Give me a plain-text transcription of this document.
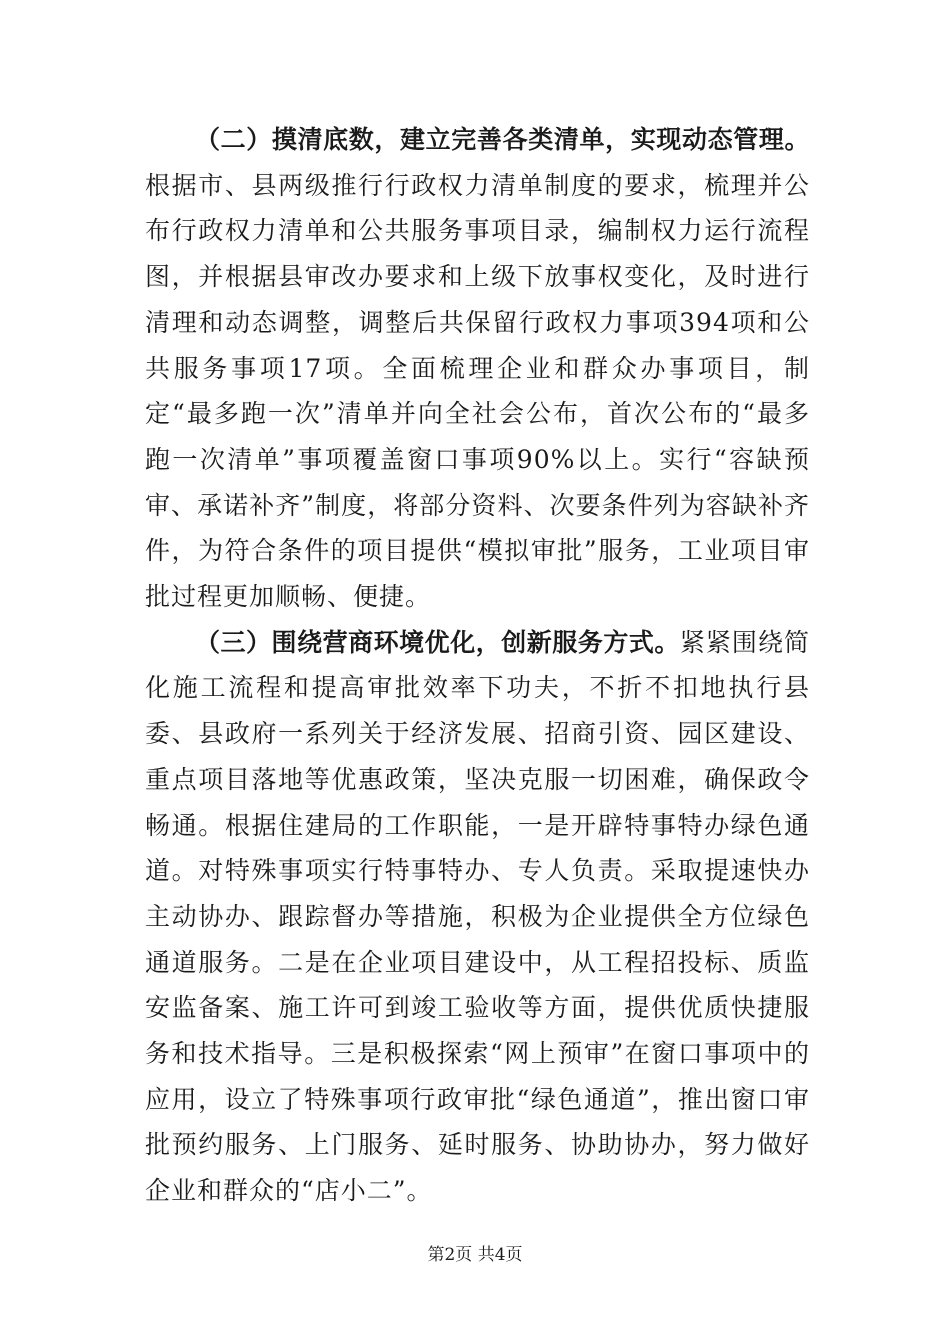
（二）摸清底数，建立完善各类清单，实现动态管理。根据市、县两级推行行政权力清单制度的要求，梳理并公布行政权力清单和公共服务事项目录，编制权力运行流程图，并根据县审改办要求和上级下放事权变化，及时进行清理和动态调整，调整后共保留行政权力事项394项和公共服务事项17项。全面梳理企业和群众办事项目，制定“最多跑一次”清单并向全社会公布，首次公布的“最多跑一次清单”事项覆盖窗口事项90%以上。实行“容缺预审、承诺补齐”制度，将部分资料、次要条件列为容缺补齐件，为符合条件的项目提供“模拟审批”服务，工业项目审批过程更加顺畅、便捷。

（三）围绕营商环境优化，创新服务方式。紧紧围绕简化施工流程和提高审批效率下功夫，不折不扣地执行县委、县政府一系列关于经济发展、招商引资、园区建设、重点项目落地等优惠政策，坚决克服一切困难，确保政令畅通。根据住建局的工作职能，一是开辟特事特办绿色通道。对特殊事项实行特事特办、专人负责。采取提速快办主动协办、跟踪督办等措施，积极为企业提供全方位绿色通道服务。二是在企业项目建设中，从工程招投标、质监安监备案、施工许可到竣工验收等方面，提供优质快捷服务和技术指导。三是积极探索“网上预审”在窗口事项中的应用，设立了特殊事项行政审批“绿色通道”，推出窗口审批预约服务、上门服务、延时服务、协助协办，努力做好企业和群众的“店小二”。

第2页 共4页
